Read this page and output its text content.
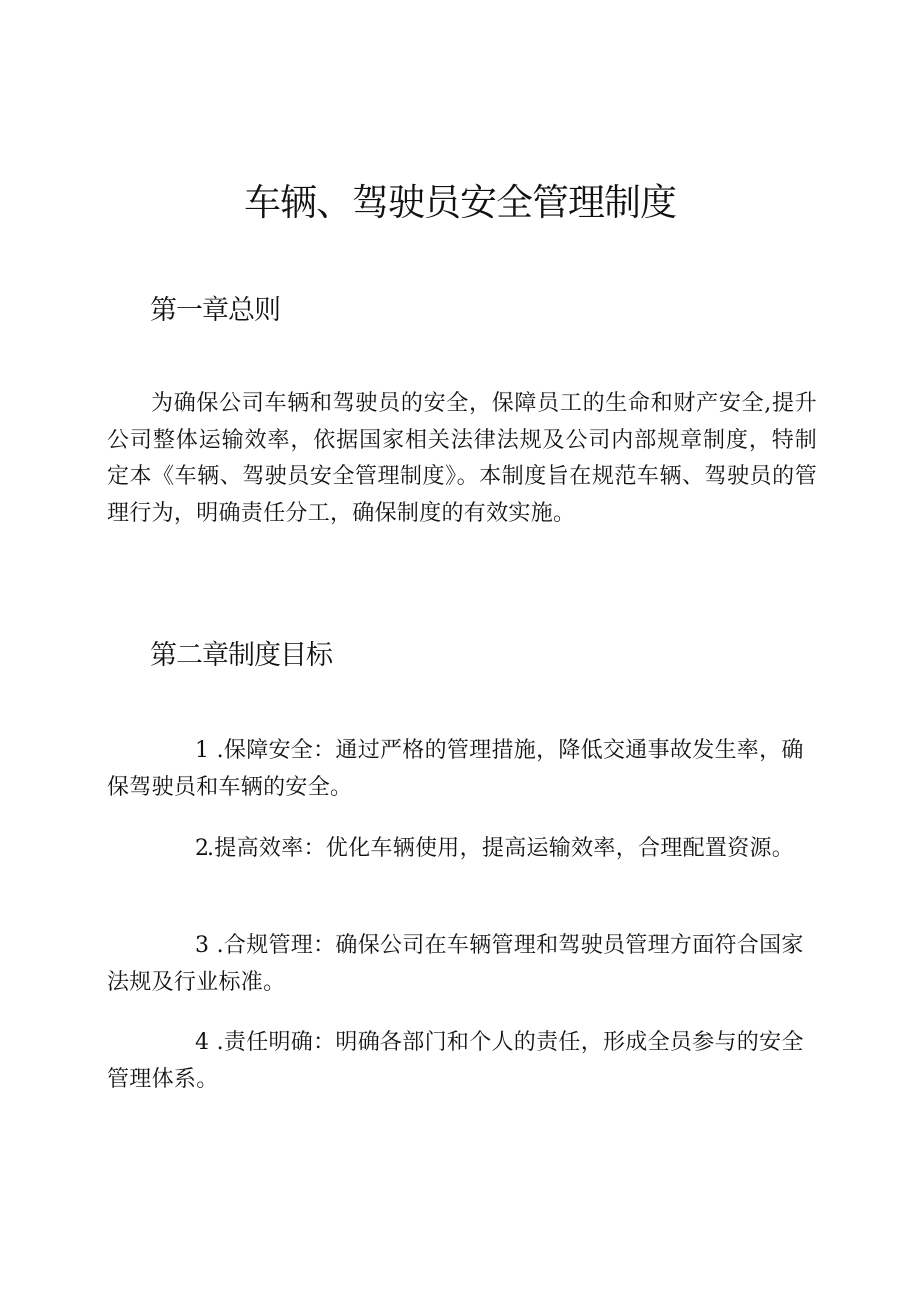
车辆、驾驶员安全管理制度
第一章总则

为确保公司车辆和驾驶员的安全，保障员工的生命和财产安全,提升公司整体运输效率，依据国家相关法律法规及公司内部规章制度，特制定本《车辆、驾驶员安全管理制度》。本制度旨在规范车辆、驾驶员的管理行为，明确责任分工，确保制度的有效实施。

第二章制度目标

1 .保障安全：通过严格的管理措施，降低交通事故发生率，确保驾驶员和车辆的安全。

2.提高效率：优化车辆使用，提高运输效率，合理配置资源。

3 .合规管理：确保公司在车辆管理和驾驶员管理方面符合国家法规及行业标准。

4 .责任明确：明确各部门和个人的责任，形成全员参与的安全管理体系。
